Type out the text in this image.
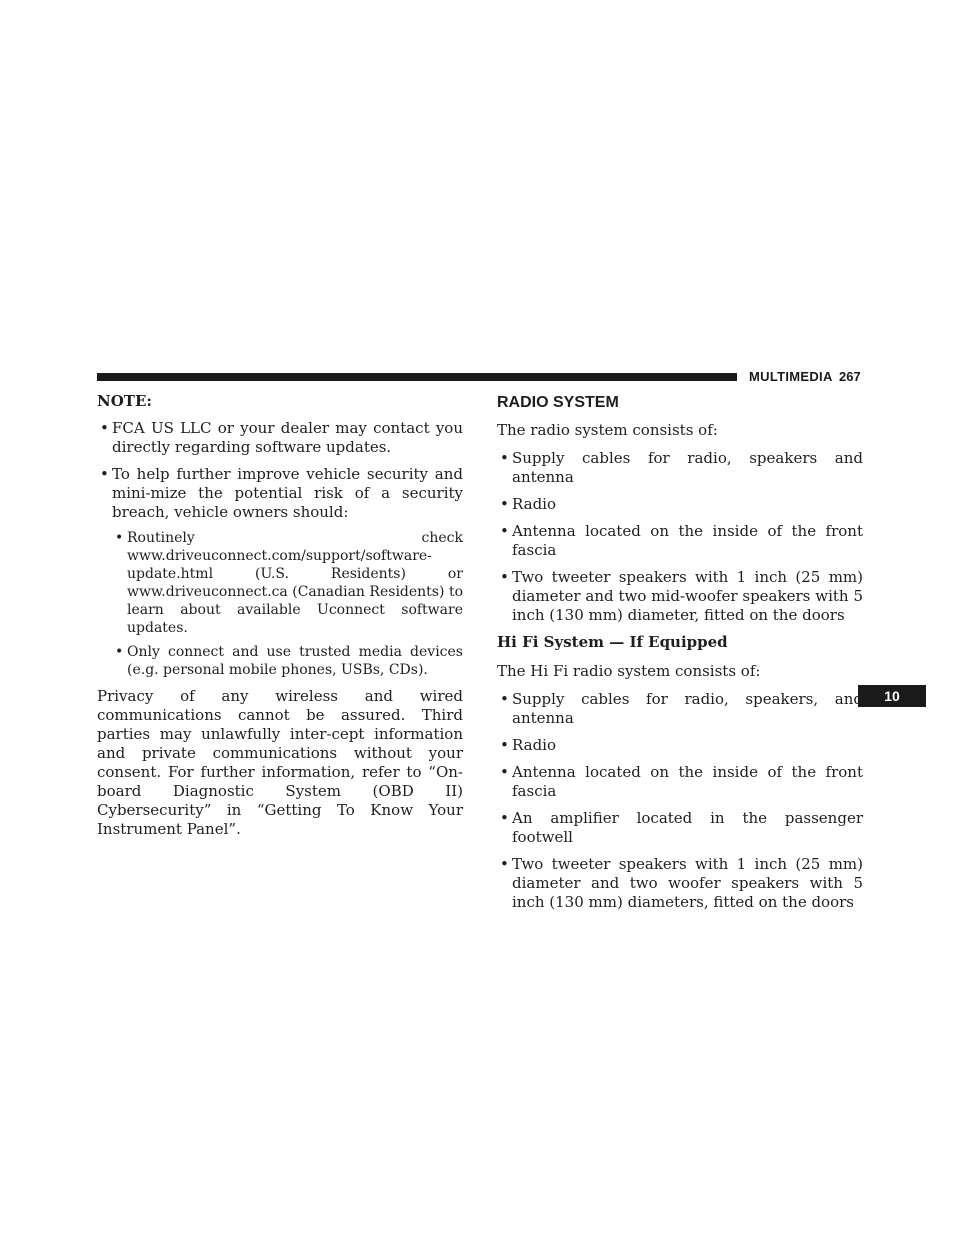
MULTIMEDIA 267
10
NOTE:
• FCA US LLC or your dealer may contact you directly regarding software updates.
• To help further improve vehicle security and mini-mize the potential risk of a security breach, vehicle owners should:
• Routinely check www.driveuconnect.com/support/software-update.html (U.S. Residents) or www.driveuconnect.ca (Canadian Residents) to learn about available Uconnect software updates.
• Only connect and use trusted media devices (e.g. personal mobile phones, USBs, CDs).

Privacy of any wireless and wired communications cannot be assured. Third parties may unlawfully inter-cept information and private communications without your consent. For further information, refer to “On-board Diagnostic System (OBD II) Cybersecurity” in “Getting To Know Your Instrument Panel”.

RADIO SYSTEM

The radio system consists of:

• Supply cables for radio, speakers and antenna
• Radio
• Antenna located on the inside of the front fascia
• Two tweeter speakers with 1 inch (25 mm) diameter and two mid-woofer speakers with 5 inch (130 mm) diameter, fitted on the doors
Hi Fi System — If Equipped

The Hi Fi radio system consists of:

• Supply cables for radio, speakers, and antenna
• Radio
• Antenna located on the inside of the front fascia
• An amplifier located in the passenger footwell
• Two tweeter speakers with 1 inch (25 mm) diameter and two woofer speakers with 5 inch (130 mm) diameters, fitted on the doors
